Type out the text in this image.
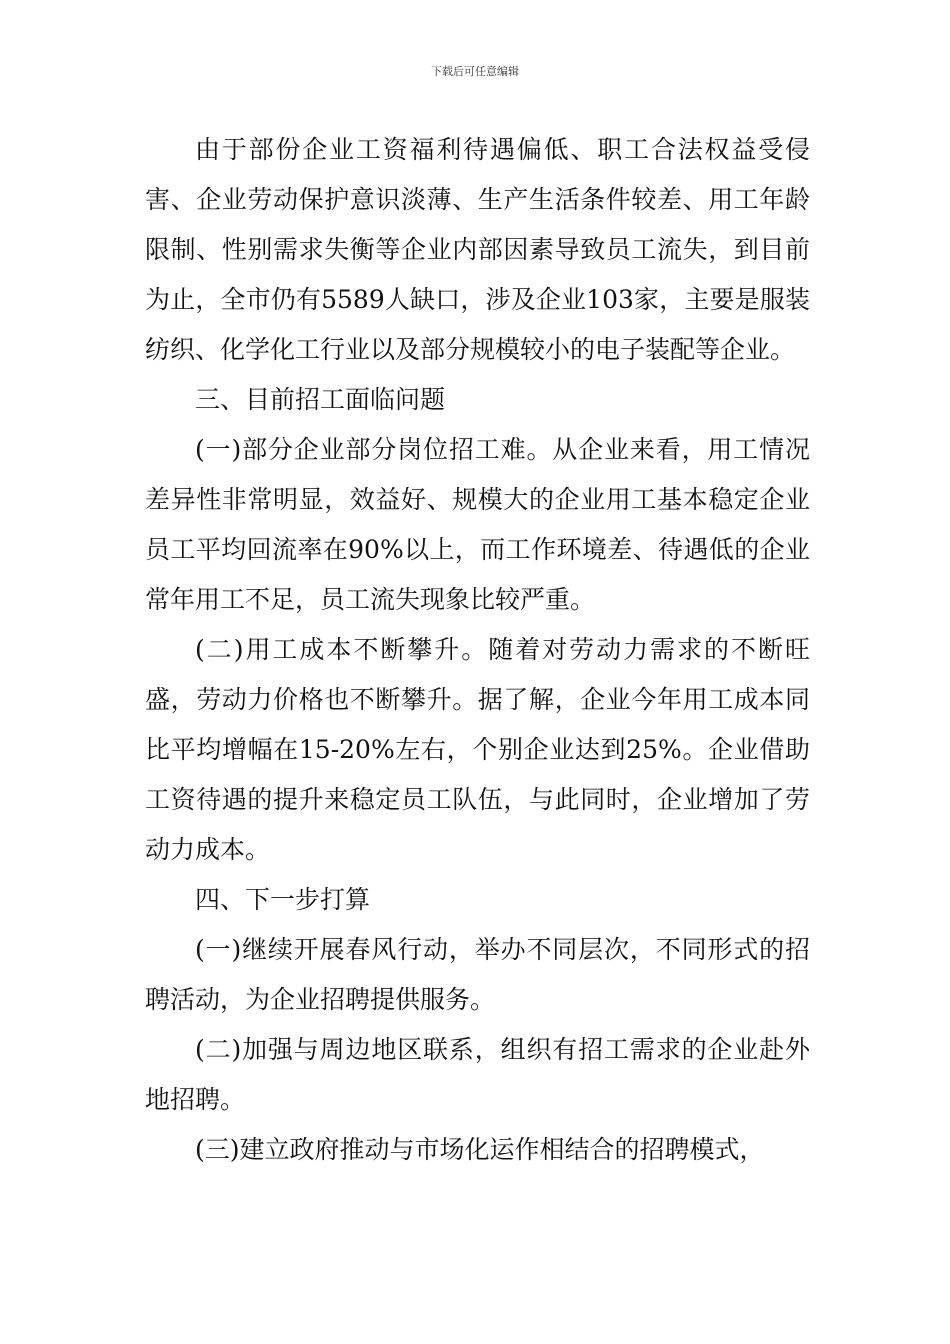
下载后可任意编辑

由于部份企业工资福利待遇偏低、职工合法权益受侵害、企业劳动保护意识淡薄、生产生活条件较差、用工年龄限制、性别需求失衡等企业内部因素导致员工流失，到目前为止，全市仍有5589人缺口，涉及企业103家，主要是服装纺织、化学化工行业以及部分规模较小的电子装配等企业。

三、目前招工面临问题

(一)部分企业部分岗位招工难。从企业来看，用工情况差异性非常明显，效益好、规模大的企业用工基本稳定企业员工平均回流率在90%以上，而工作环境差、待遇低的企业常年用工不足，员工流失现象比较严重。

(二)用工成本不断攀升。随着对劳动力需求的不断旺盛，劳动力价格也不断攀升。据了解，企业今年用工成本同比平均增幅在15-20%左右，个别企业达到25%。企业借助工资待遇的提升来稳定员工队伍，与此同时，企业增加了劳动力成本。

四、下一步打算

(一)继续开展春风行动，举办不同层次，不同形式的招聘活动，为企业招聘提供服务。

(二)加强与周边地区联系，组织有招工需求的企业赴外地招聘。

(三)建立政府推动与市场化运作相结合的招聘模式，
